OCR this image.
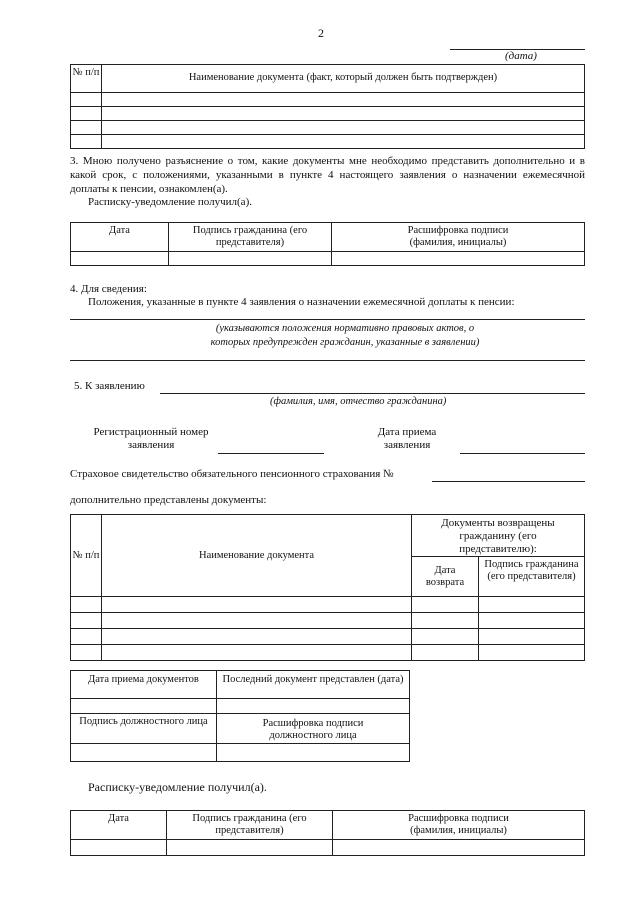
2
(дата)
№ п/п	Наименование документа (факт, который должен быть подтвержден)

3. Мною получено разъяснение о том, какие документы мне необходимо представить дополнительно и в какой срок, с положениями, указанными в пункте 4 настоящего заявления о назначении ежемесячной доплаты к пенсии, ознакомлен(а).
Расписку-уведомление получил(а).
Дата	Подпись гражданина (его представителя)	Расшифровка подписи (фамилия, инициалы)

4. Для сведения:
Положения, указанные в пункте 4 заявления о назначении ежемесячной доплаты к пенсии:
(указываются положения нормативно правовых актов, о которых предупрежден гражданин, указанные в заявлении)
5. К заявлению
(фамилия, имя, отчество гражданина)
Регистрационный номер заявления
Дата приема заявления
Страховое свидетельство обязательного пенсионного страхования №
дополнительно представлены документы:
№ п/п	Наименование документа	Документы возвращены гражданину (его представителю):	
		Дата возврата	Подпись гражданина (его представителя)

Дата приема документов	Последний документ представлен (дата)

Подпись должностного лица	Расшифровка подписи должностного лица

Расписку-уведомление получил(а).
Дата	Подпись гражданина (его представителя)	Расшифровка подписи (фамилия, инициалы)
